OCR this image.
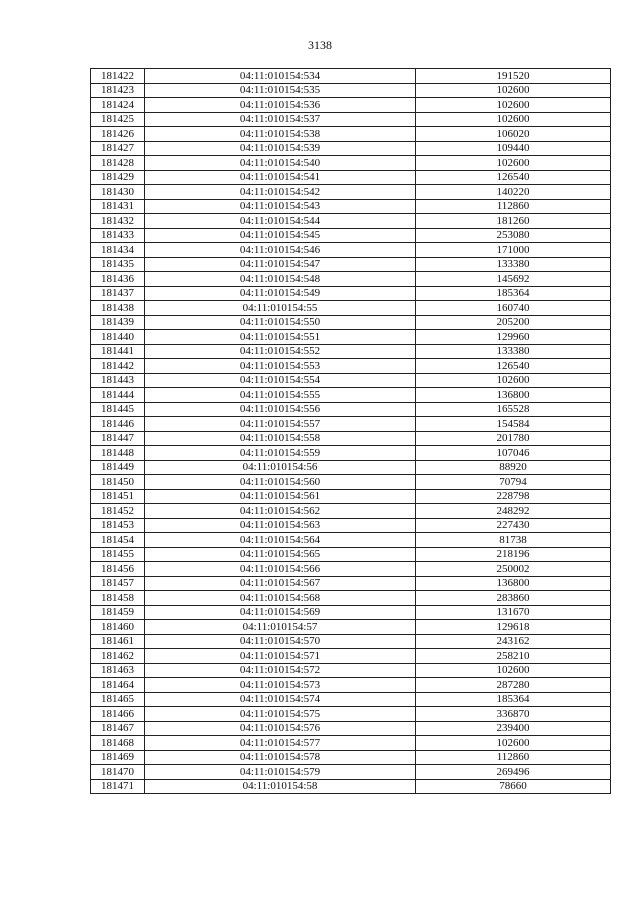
3138
181422	04:11:010154:534	191520
181423	04:11:010154:535	102600
181424	04:11:010154:536	102600
181425	04:11:010154:537	102600
181426	04:11:010154:538	106020
181427	04:11:010154:539	109440
181428	04:11:010154:540	102600
181429	04:11:010154:541	126540
181430	04:11:010154:542	140220
181431	04:11:010154:543	112860
181432	04:11:010154:544	181260
181433	04:11:010154:545	253080
181434	04:11:010154:546	171000
181435	04:11:010154:547	133380
181436	04:11:010154:548	145692
181437	04:11:010154:549	185364
181438	04:11:010154:55	160740
181439	04:11:010154:550	205200
181440	04:11:010154:551	129960
181441	04:11:010154:552	133380
181442	04:11:010154:553	126540
181443	04:11:010154:554	102600
181444	04:11:010154:555	136800
181445	04:11:010154:556	165528
181446	04:11:010154:557	154584
181447	04:11:010154:558	201780
181448	04:11:010154:559	107046
181449	04:11:010154:56	88920
181450	04:11:010154:560	70794
181451	04:11:010154:561	228798
181452	04:11:010154:562	248292
181453	04:11:010154:563	227430
181454	04:11:010154:564	81738
181455	04:11:010154:565	218196
181456	04:11:010154:566	250002
181457	04:11:010154:567	136800
181458	04:11:010154:568	283860
181459	04:11:010154:569	131670
181460	04:11:010154:57	129618
181461	04:11:010154:570	243162
181462	04:11:010154:571	258210
181463	04:11:010154:572	102600
181464	04:11:010154:573	287280
181465	04:11:010154:574	185364
181466	04:11:010154:575	336870
181467	04:11:010154:576	239400
181468	04:11:010154:577	102600
181469	04:11:010154:578	112860
181470	04:11:010154:579	269496
181471	04:11:010154:58	78660
